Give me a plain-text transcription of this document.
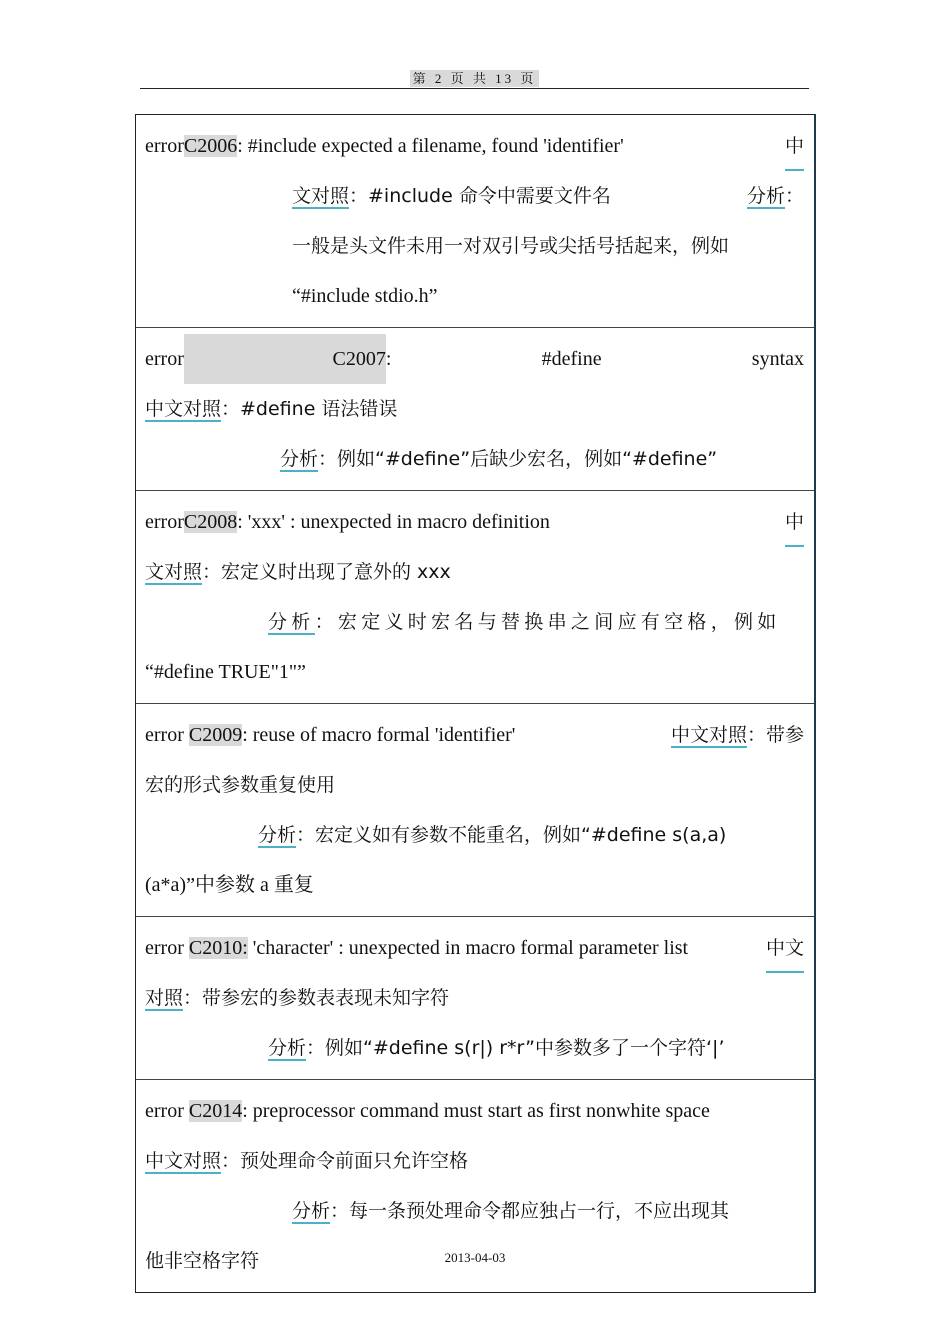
第 2 页 共 13 页
errorC2006: #include expected a filename, found 'identifier'	中
文对照：#include 命令中需要文件名	分析：
一般是头文件未用一对双引号或尖括号括起来，例如
“#include stdio.h”
error	C2007:	#define	syntax
中文对照：#define 语法错误
分析：例如“#define”后缺少宏名，例如“#define”
errorC2008: 'xxx' : unexpected in macro definition	中
文对照：宏定义时出现了意外的 xxx
分析：宏定义时宏名与替换串之间应有空格，例如
“#define TRUE"1"”
error C2009: reuse of macro formal 'identifier'	中文对照：带参
宏的形式参数重复使用
分析：宏定义如有参数不能重名，例如“#define s(a,a)
(a*a)”中参数 a 重复
error C2010: 'character' : unexpected in macro formal parameter list	中文
对照：带参宏的参数表表现未知字符
分析：例如“#define s(r|) r*r”中参数多了一个字符‘|’
error C2014: preprocessor command must start as first nonwhite space
中文对照：预处理命令前面只允许空格
分析：每一条预处理命令都应独占一行，不应出现其
他非空格字符	2013-04-03
